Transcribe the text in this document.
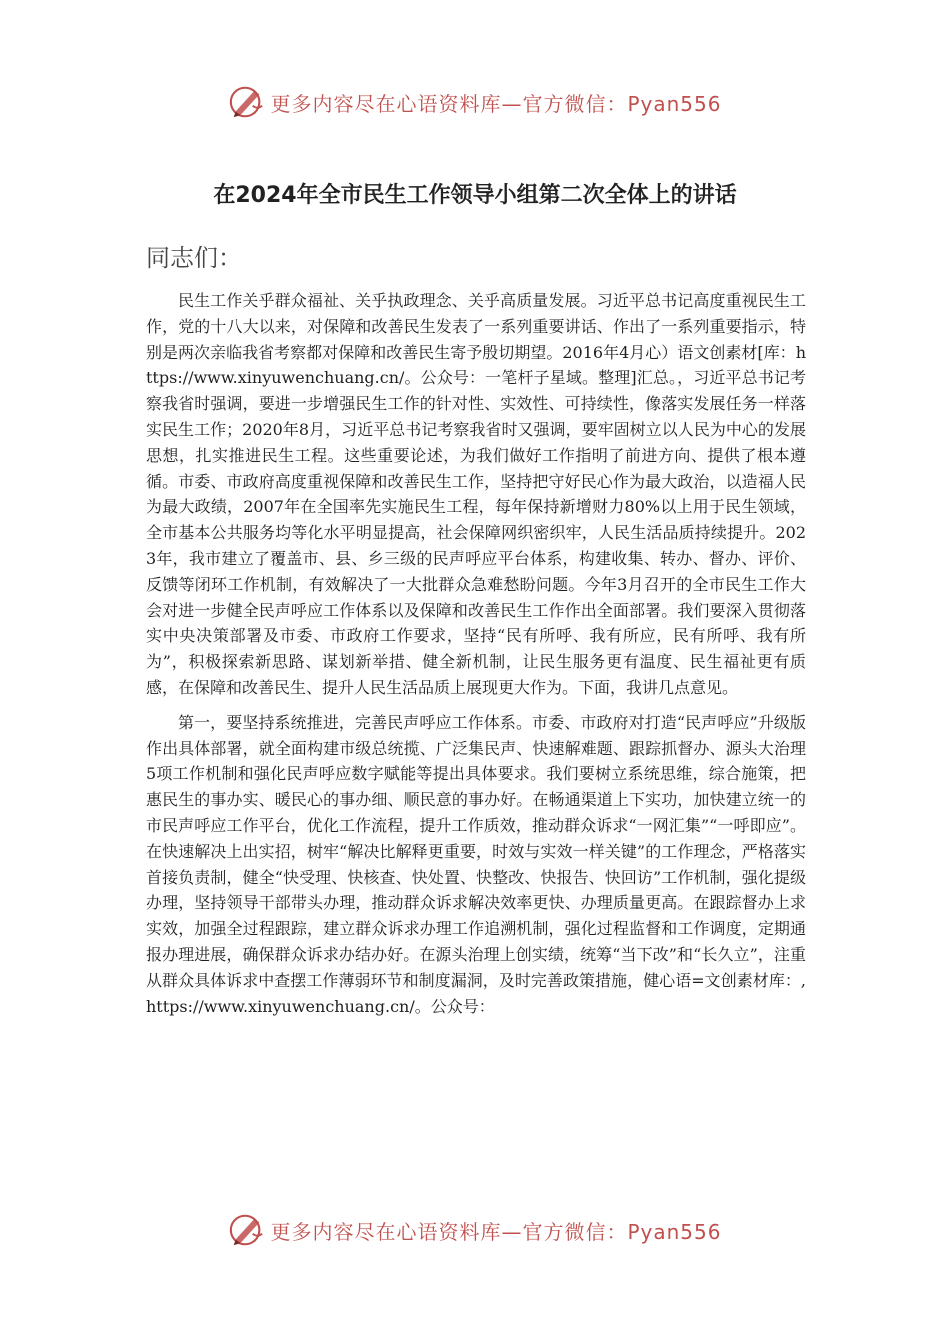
更多内容尽在心语资料库—官方微信：Pyan556
在2024年全市民生工作领导小组第二次全体上的讲话
同志们：

民生工作关乎群众福祉、关乎执政理念、关乎高质量发展。习近平总书记高度重视民生工作，党的十八大以来，对保障和改善民生发表了一系列重要讲话、作出了一系列重要指示，特别是两次亲临我省考察都对保障和改善民生寄予殷切期望。2016年4月心）语文创素材[库：https://www.xinyuwenchuang.cn/。公众号：一笔杆子星域。整理]汇总。，习近平总书记考察我省时强调，要进一步增强民生工作的针对性、实效性、可持续性，像落实发展任务一样落实民生工作；2020年8月，习近平总书记考察我省时又强调，要牢固树立以人民为中心的发展思想，扎实推进民生工程。这些重要论述，为我们做好工作指明了前进方向、提供了根本遵循。市委、市政府高度重视保障和改善民生工作，坚持把守好民心作为最大政治，以造福人民为最大政绩，2007年在全国率先实施民生工程，每年保持新增财力80%以上用于民生领域，全市基本公共服务均等化水平明显提高，社会保障网织密织牢，人民生活品质持续提升。2023年，我市建立了覆盖市、县、乡三级的民声呼应平台体系，构建收集、转办、督办、评价、反馈等闭环工作机制，有效解决了一大批群众急难愁盼问题。今年3月召开的全市民生工作大会对进一步健全民声呼应工作体系以及保障和改善民生工作作出全面部署。我们要深入贯彻落实中央决策部署及市委、市政府工作要求，坚持“民有所呼、我有所应，民有所呼、我有所为”，积极探索新思路、谋划新举措、健全新机制，让民生服务更有温度、民生福祉更有质感，在保障和改善民生、提升人民生活品质上展现更大作为。下面，我讲几点意见。

第一，要坚持系统推进，完善民声呼应工作体系。市委、市政府对打造“民声呼应”升级版作出具体部署，就全面构建市级总统揽、广泛集民声、快速解难题、跟踪抓督办、源头大治理5项工作机制和强化民声呼应数字赋能等提出具体要求。我们要树立系统思维，综合施策，把惠民生的事办实、暖民心的事办细、顺民意的事办好。在畅通渠道上下实功，加快建立统一的市民声呼应工作平台，优化工作流程，提升工作质效，推动群众诉求“一网汇集”“一呼即应”。在快速解决上出实招，树牢“解决比解释更重要，时效与实效一样关键”的工作理念，严格落实首接负责制，健全“快受理、快核查、快处置、快整改、快报告、快回访”工作机制，强化提级办理，坚持领导干部带头办理，推动群众诉求解决效率更快、办理质量更高。在跟踪督办上求实效，加强全过程跟踪，建立群众诉求办理工作追溯机制，强化过程监督和工作调度，定期通报办理进展，确保群众诉求办结办好。在源头治理上创实绩，统筹“当下改”和“长久立”，注重从群众具体诉求中查摆工作薄弱环节和制度漏洞，及时完善政策措施，健心语=文创素材库：,https://www.xinyuwenchuang.cn/。公众号：

更多内容尽在心语资料库—官方微信：Pyan556
